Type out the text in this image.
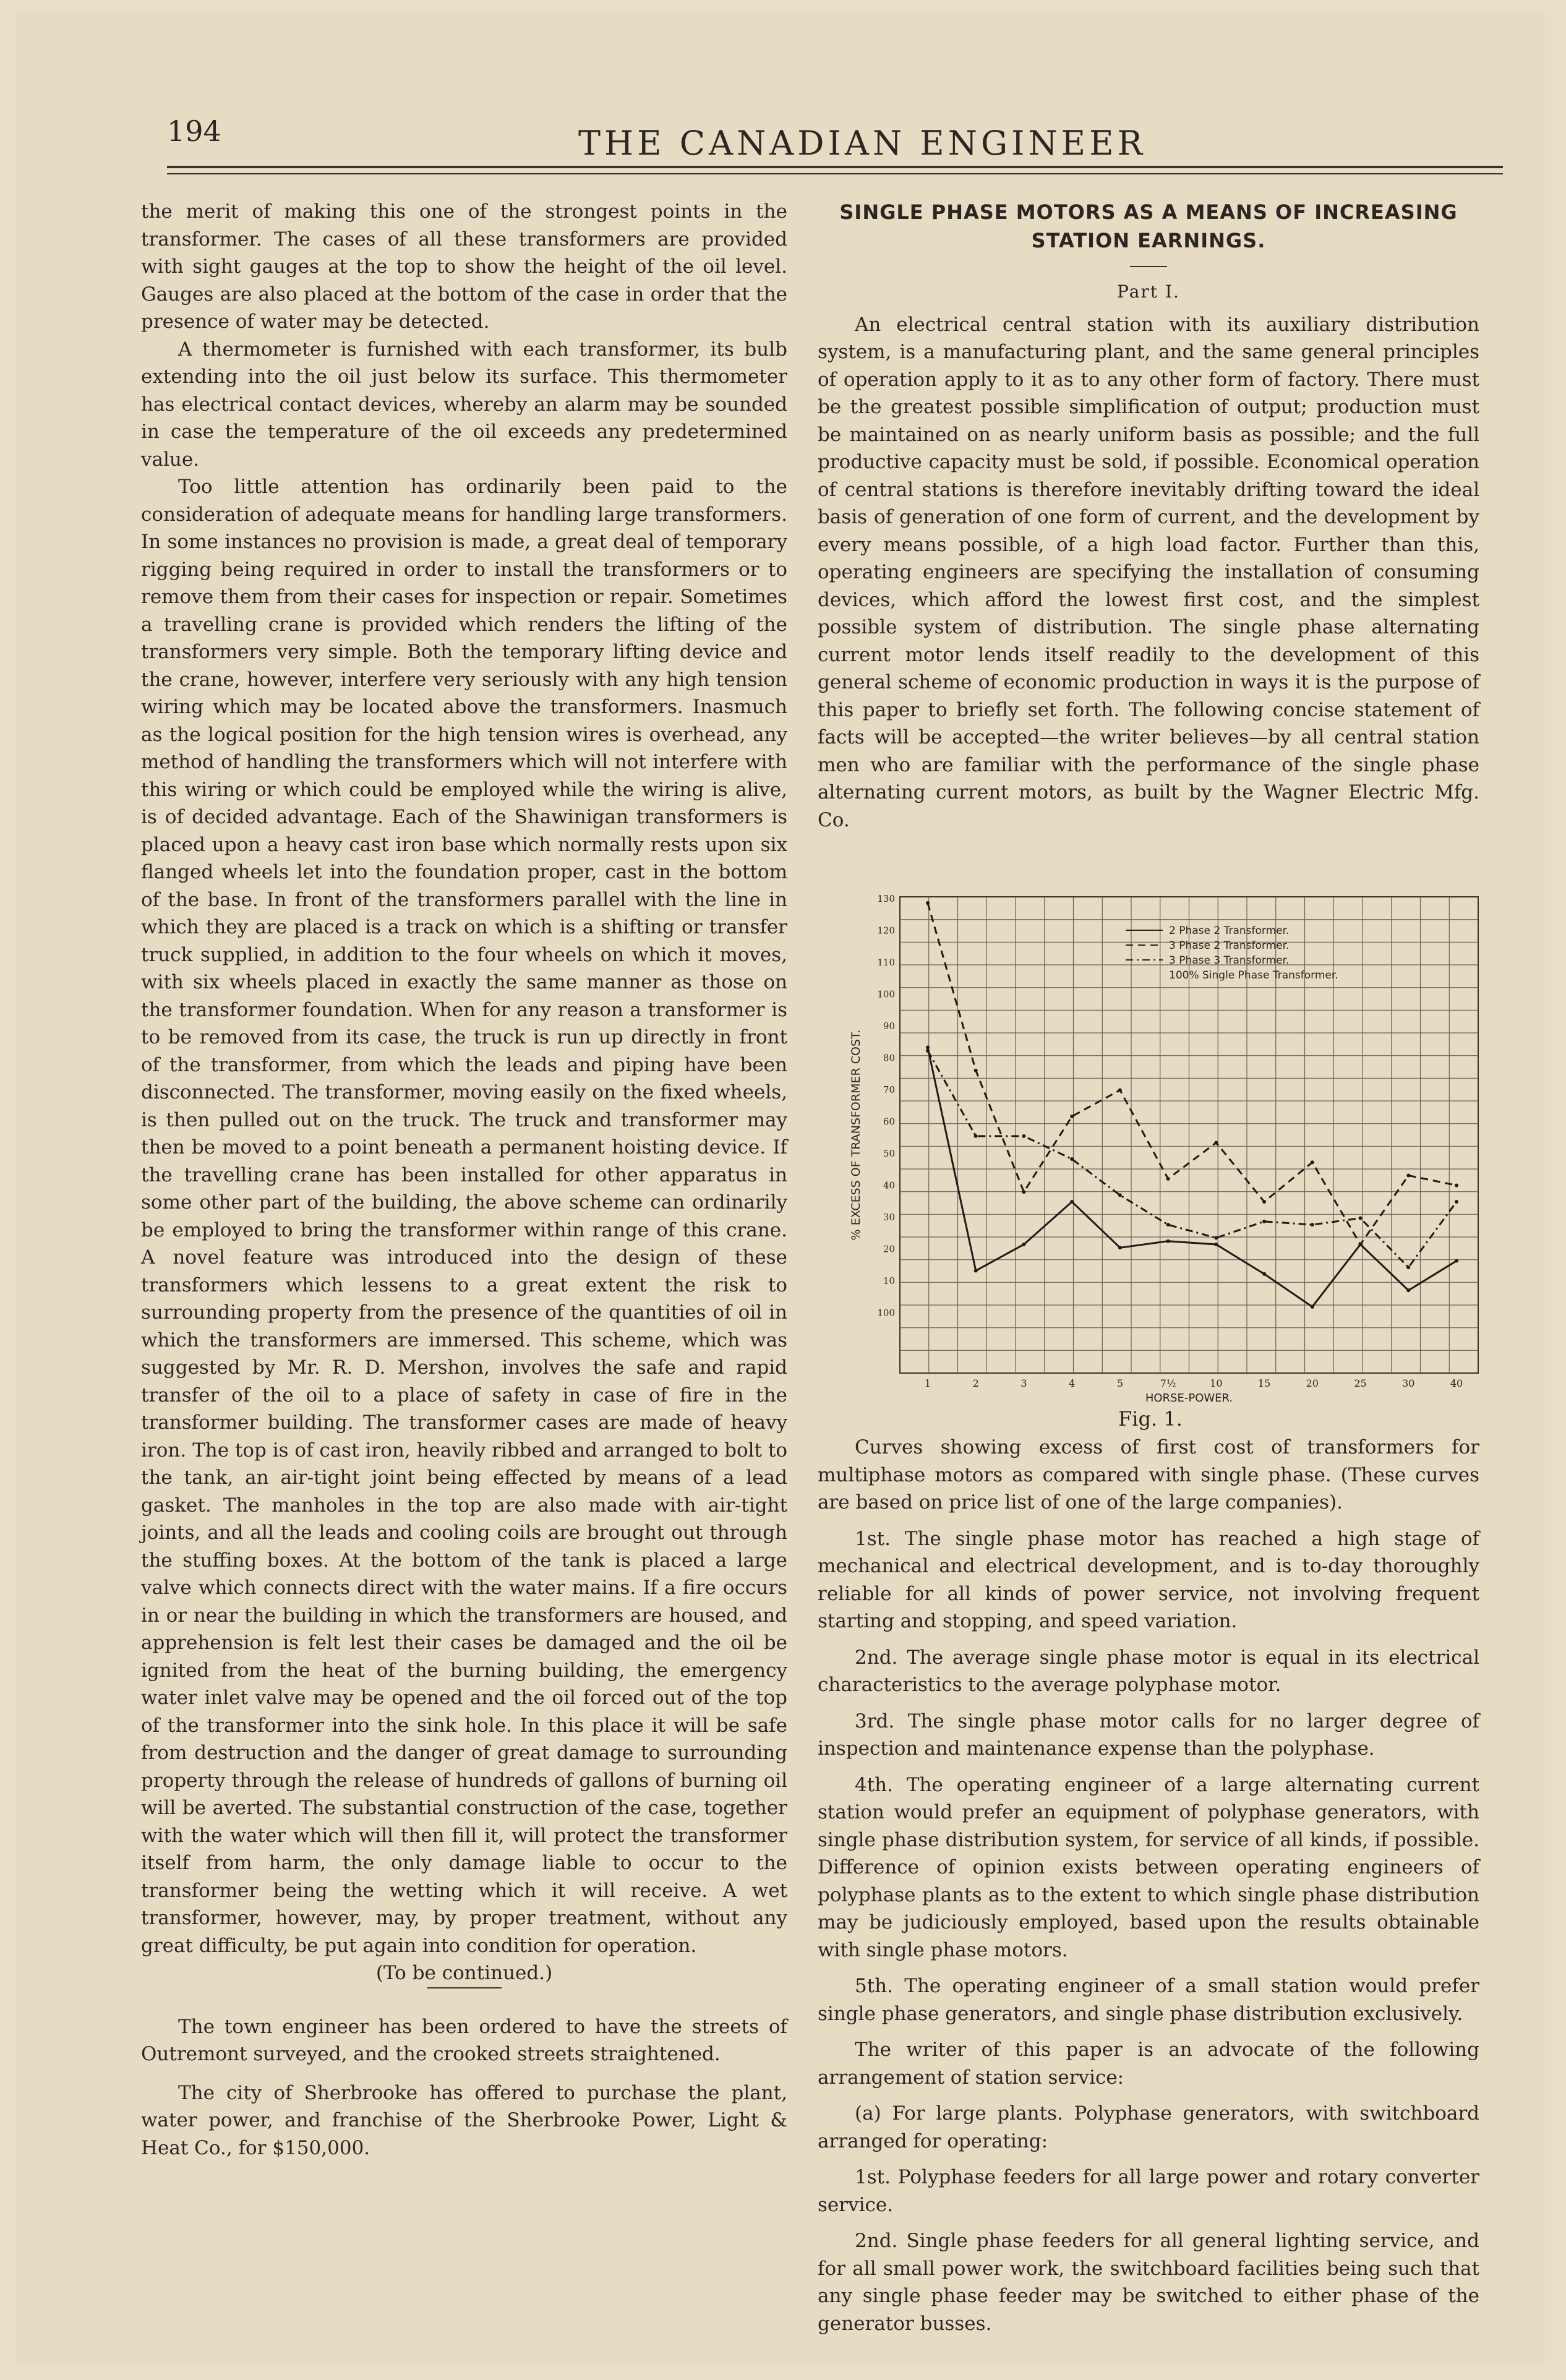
194	THE CANADIAN ENGINEER

the merit of making this one of the strongest points in the transformer. The cases of all these transformers are provided with sight gauges at the top to show the height of the oil level. Gauges are also placed at the bottom of the case in order that the presence of water may be detected.

A thermometer is furnished with each transformer, its bulb extending into the oil just below its surface. This thermometer has electrical contact devices, whereby an alarm may be sounded in case the temperature of the oil exceeds any predetermined value.

Too little attention has ordinarily been paid to the consideration of adequate means for handling large transformers. In some instances no provision is made, a great deal of temporary rigging being required in order to install the transformers or to remove them from their cases for inspection or repair. Sometimes a travelling crane is provided which renders the lifting of the transformers very simple. Both the temporary lifting device and the crane, however, interfere very seriously with any high tension wiring which may be located above the transformers. Inasmuch as the logical position for the high tension wires is overhead, any method of handling the transformers which will not interfere with this wiring or which could be employed while the wiring is alive, is of decided advantage. Each of the Shawinigan transformers is placed upon a heavy cast iron base which normally rests upon six flanged wheels let into the foundation proper, cast in the bottom of the base. In front of the transformers parallel with the line in which they are placed is a track on which is a shifting or transfer truck supplied, in addition to the four wheels on which it moves, with six wheels placed in exactly the same manner as those on the transformer foundation. When for any reason a transformer is to be removed from its case, the truck is run up directly in front of the transformer, from which the leads and piping have been disconnected. The transformer, moving easily on the fixed wheels, is then pulled out on the truck. The truck and transformer may then be moved to a point beneath a permanent hoisting device. If the travelling crane has been installed for other apparatus in some other part of the building, the above scheme can ordinarily be employed to bring the transformer within range of this crane. A novel feature was introduced into the design of these transformers which lessens to a great extent the risk to surrounding property from the presence of the quantities of oil in which the transformers are immersed. This scheme, which was suggested by Mr. R. D. Mershon, involves the safe and rapid transfer of the oil to a place of safety in case of fire in the transformer building. The transformer cases are made of heavy iron. The top is of cast iron, heavily ribbed and arranged to bolt to the tank, an air-tight joint being effected by means of a lead gasket. The manholes in the top are also made with air-tight joints, and all the leads and cooling coils are brought out through the stuffing boxes. At the bottom of the tank is placed a large valve which connects direct with the water mains. If a fire occurs in or near the building in which the transformers are housed, and apprehension is felt lest their cases be damaged and the oil be ignited from the heat of the burning building, the emergency water inlet valve may be opened and the oil forced out of the top of the transformer into the sink hole. In this place it will be safe from destruction and the danger of great damage to surrounding property through the release of hundreds of gallons of burning oil will be averted. The substantial construction of the case, together with the water which will then fill it, will protect the transformer itself from harm, the only damage liable to occur to the transformer being the wetting which it will receive. A wet transformer, however, may, by proper treatment, without any great difficulty, be put again into condition for operation.

(To be continued.)

The town engineer has been ordered to have the streets of Outremont surveyed, and the crooked streets straightened.

The city of Sherbrooke has offered to purchase the plant, water power, and franchise of the Sherbrooke Power, Light & Heat Co., for $150,000.

SINGLE PHASE MOTORS AS A MEANS OF INCREASING STATION EARNINGS.
Part I.

An electrical central station with its auxiliary distribution system, is a manufacturing plant, and the same general principles of operation apply to it as to any other form of factory. There must be the greatest possible simplification of output; production must be maintained on as nearly uniform basis as possible; and the full productive capacity must be sold, if possible. Economical operation of central stations is therefore inevitably drifting toward the ideal basis of generation of one form of current, and the development by every means possible, of a high load factor. Further than this, operating engineers are specifying the installation of consuming devices, which afford the lowest first cost, and the simplest possible system of distribution. The single phase alternating current motor lends itself readily to the development of this general scheme of economic production in ways it is the purpose of this paper to briefly set forth. The following concise statement of facts will be accepted—the writer believes—by all central station men who are familiar with the performance of the single phase alternating current motors, as built by the Wagner Electric Mfg. Co.

130
120
110
100
90
80
70
60
50
40
30
20
10
100
1	2	3	4	5	7½	10	15	20	25	30	40
HORSE-POWER.
% EXCESS OF TRANSFORMER COST.
2 Phase 2 Transformer.
3 Phase 2 Transformer.
3 Phase 3 Transformer.
100% Single Phase Transformer.
Fig. 1.

Curves showing excess of first cost of transformers for multiphase motors as compared with single phase. (These curves are based on price list of one of the large companies).

1st. The single phase motor has reached a high stage of mechanical and electrical development, and is to-day thoroughly reliable for all kinds of power service, not involving frequent starting and stopping, and speed variation.

2nd. The average single phase motor is equal in its electrical characteristics to the average polyphase motor.

3rd. The single phase motor calls for no larger degree of inspection and maintenance expense than the polyphase.

4th. The operating engineer of a large alternating current station would prefer an equipment of polyphase generators, with single phase distribution system, for service of all kinds, if possible. Difference of opinion exists between operating engineers of polyphase plants as to the extent to which single phase distribution may be judiciously employed, based upon the results obtainable with single phase motors.

5th. The operating engineer of a small station would prefer single phase generators, and single phase distribution exclusively.

The writer of this paper is an advocate of the following arrangement of station service:

(a) For large plants. Polyphase generators, with switchboard arranged for operating:

1st. Polyphase feeders for all large power and rotary converter service.

2nd. Single phase feeders for all general lighting service, and for all small power work, the switchboard facilities being such that any single phase feeder may be switched to either phase of the generator busses.
